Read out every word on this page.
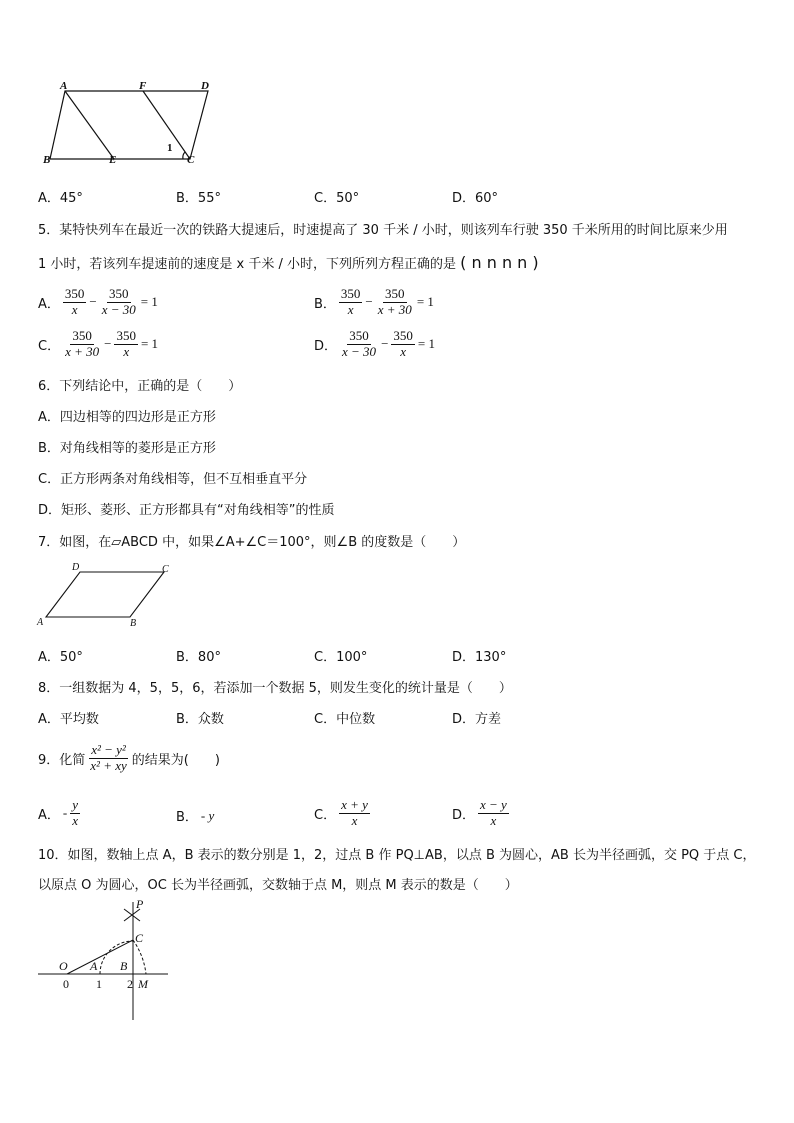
A	F	D
B	E	C
1
A．45°	B．55°	C．50°	D．60°
5．某特快列车在最近一次的铁路大提速后，时速提高了 30 千米 / 小时，则该列车行驶 350 千米所用的时间比原来少用
1 小时，若该列车提速前的速度是 x 千米 / 小时，下列所列方程正确的是 ( n n n n )
A． $\frac{350}{x} - \frac{350}{x - 30} = 1$	B． $\frac{350}{x} - \frac{350}{x + 30} = 1$
C． $\frac{350}{x + 30} - \frac{350}{x} = 1$	D． $\frac{350}{x - 30} - \frac{350}{x} = 1$
6．下列结论中，正确的是（　　）
A．四边相等的四边形是正方形
B．对角线相等的菱形是正方形
C．正方形两条对角线相等，但不互相垂直平分
D．矩形、菱形、正方形都具有“对角线相等”的性质
7．如图，在▱ABCD 中，如果∠A+∠C＝100°，则∠B 的度数是（　　）
D	C
A	B
A．50°	B．80°	C．100°	D．130°
8．一组数据为 4，5，5，6，若添加一个数据 5，则发生变化的统计量是（　　）
A．平均数	B．众数	C．中位数	D．方差
9．化简 $\frac{\text{x² − y²}}{\text{x² + xy}}$ 的结果为(　　)
A． - $\frac{y}{x}$	B． - y	C． $\frac{x + y}{x}$	D． $\frac{x - y}{x}$
10．如图，数轴上点 A，B 表示的数分别是 1，2，过点 B 作 PQ⊥AB，以点 B 为圆心，AB 长为半径画弧，交 PQ 于点 C，
以原点 O 为圆心，OC 长为半径画弧，交数轴于点 M，则点 M 表示的数是（　　）
P
C
O A B
M
0 1 2
